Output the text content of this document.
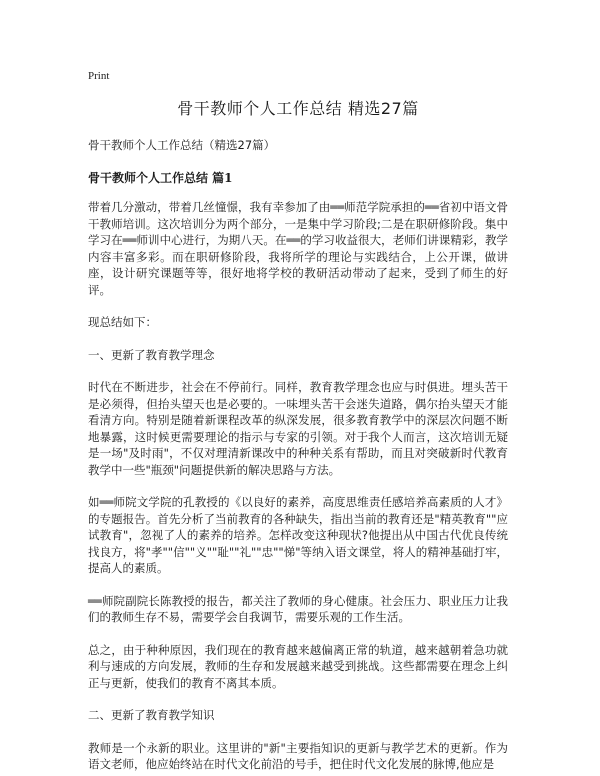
Print
骨干教师个人工作总结 精选27篇
骨干教师个人工作总结（精选27篇）
骨干教师个人工作总结 篇1

带着几分激动，带着几丝憧憬，我有幸参加了由══师范学院承担的══省初中语文骨干教师培训。这次培训分为两个部分，一是集中学习阶段;二是在职研修阶段。集中学习在══师训中心进行，为期八天。在══的学习收益很大，老师们讲课精彩，教学内容丰富多彩。而在职研修阶段，我将所学的理论与实践结合，上公开课，做讲座，设计研究课题等等，很好地将学校的教研活动带动了起来，受到了师生的好评。

现总结如下：

一、更新了教育教学理念

时代在不断进步，社会在不停前行。同样，教育教学理念也应与时俱进。埋头苦干是必须得，但抬头望天也是必要的。一味埋头苦干会迷失道路，偶尔抬头望天才能看清方向。特别是随着新课程改革的纵深发展，很多教育教学中的深层次问题不断地暴露，这时候更需要理论的指示与专家的引领。对于我个人而言，这次培训无疑是一场"及时雨"，不仅对理清新课改中的种种关系有帮助，而且对突破新时代教育教学中一些"瓶颈"问题提供新的解决思路与方法。

如══师院文学院的孔教授的《以良好的素养，高度思维责任感培养高素质的人才》的专题报告。首先分析了当前教育的各种缺失，指出当前的教育还是"精英教育""应试教育"，忽视了人的素养的培养。怎样改变这种现状?他提出从中国古代优良传统找良方，将"孝""信""义""耻""礼""忠""悌"等纳入语文课堂，将人的精神基础打牢，提高人的素质。

══师院副院长陈教授的报告，都关注了教师的身心健康。社会压力、职业压力让我们的教师生存不易，需要学会自我调节，需要乐观的工作生活。

总之，由于种种原因，我们现在的教育越来越偏离正常的轨道，越来越朝着急功就利与速成的方向发展，教师的生存和发展越来越受到挑战。这些都需要在理念上纠正与更新，使我们的教育不离其本质。

二、更新了教育教学知识

教师是一个永新的职业。这里讲的"新"主要指知识的更新与教学艺术的更新。作为语文老师，他应始终站在时代文化前沿的号手，把住时代文化发展的脉博,他应是
